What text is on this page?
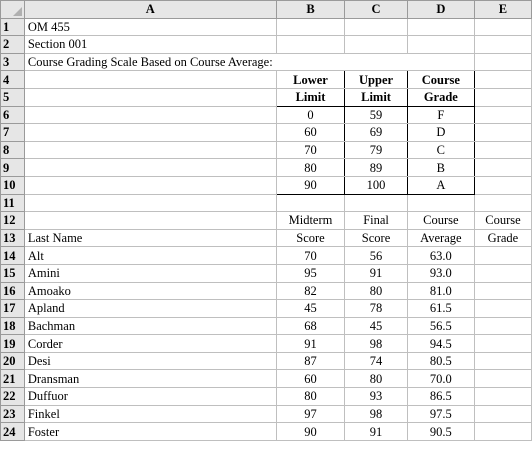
	A	B	C	D	E
1	OM 455				
2	Section 001				
3	Course Grading Scale Based on Course Average:				
4		Lower	Upper	Course	
5		Limit	Limit	Grade	
6		0	59	F	
7		60	69	D	
8		70	79	C	
9		80	89	B	
10		90	100	A	
11					
12		Midterm	Final	Course	Course
13	Last Name	Score	Score	Average	Grade
14	Alt	70	56	63.0	
15	Amini	95	91	93.0	
16	Amoako	82	80	81.0	
17	Apland	45	78	61.5	
18	Bachman	68	45	56.5	
19	Corder	91	98	94.5	
20	Desi	87	74	80.5	
21	Dransman	60	80	70.0	
22	Duffuor	80	93	86.5	
23	Finkel	97	98	97.5	
24	Foster	90	91	90.5	
